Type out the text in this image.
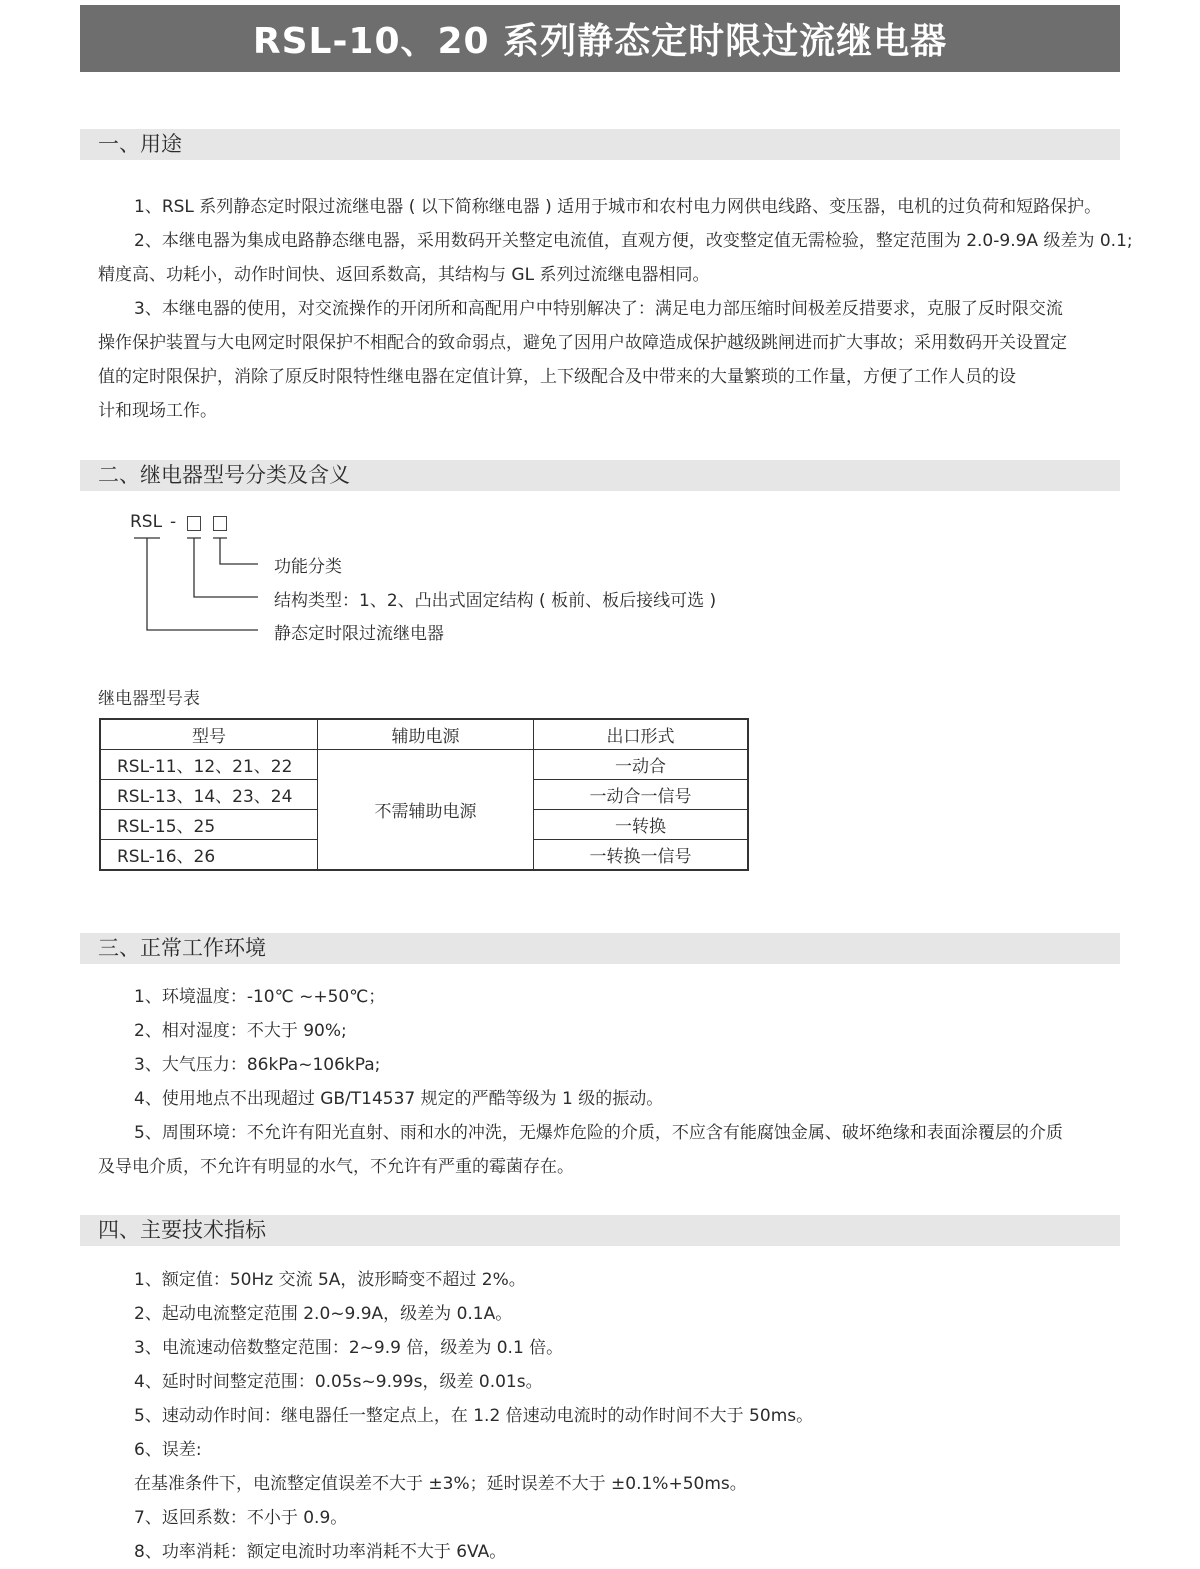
RSL-10、20 系列静态定时限过流继电器
一、用途
1、RSL 系列静态定时限过流继电器 ( 以下简称继电器 ) 适用于城市和农村电力网供电线路、变压器，电机的过负荷和短路保护。
2、本继电器为集成电路静态继电器，采用数码开关整定电流值，直观方便，改变整定值无需检验，整定范围为 2.0-9.9A 级差为 0.1;
精度高、功耗小，动作时间快、返回系数高，其结构与 GL 系列过流继电器相同。
3、本继电器的使用，对交流操作的开闭所和高配用户中特别解决了：满足电力部压缩时间极差反措要求，克服了反时限交流
操作保护装置与大电网定时限保护不相配合的致命弱点，避免了因用户故障造成保护越级跳闸进而扩大事故；采用数码开关设置定
值的定时限保护，消除了原反时限特性继电器在定值计算，上下级配合及中带来的大量繁琐的工作量，方便了工作人员的设
计和现场工作。
二、继电器型号分类及含义
RSL -
功能分类
结构类型：1、2、凸出式固定结构 ( 板前、板后接线可选 )
静态定时限过流继电器
继电器型号表
型号	辅助电源	出口形式
RSL-11、12、21、22	不需辅助电源	一动合
RSL-13、14、23、24		一动合一信号
RSL-15、25		一转换
RSL-16、26		一转换一信号
三、正常工作环境
1、环境温度：-10℃ ~+50℃；
2、相对湿度：不大于 90%;
3、大气压力：86kPa~106kPa;
4、使用地点不出现超过 GB/T14537 规定的严酷等级为 1 级的振动。
5、周围环境：不允许有阳光直射、雨和水的冲洗，无爆炸危险的介质，不应含有能腐蚀金属、破坏绝缘和表面涂覆层的介质
及导电介质，不允许有明显的水气，不允许有严重的霉菌存在。
四、主要技术指标
1、额定值：50Hz 交流 5A，波形畸变不超过 2%。
2、起动电流整定范围 2.0~9.9A，级差为 0.1A。
3、电流速动倍数整定范围：2~9.9 倍，级差为 0.1 倍。
4、延时时间整定范围：0.05s~9.99s，级差 0.01s。
5、速动动作时间：继电器任一整定点上，在 1.2 倍速动电流时的动作时间不大于 50ms。
6、误差:
在基准条件下，电流整定值误差不大于 ±3%；延时误差不大于 ±0.1%+50ms。
7、返回系数：不小于 0.9。
8、功率消耗：额定电流时功率消耗不大于 6VA。
